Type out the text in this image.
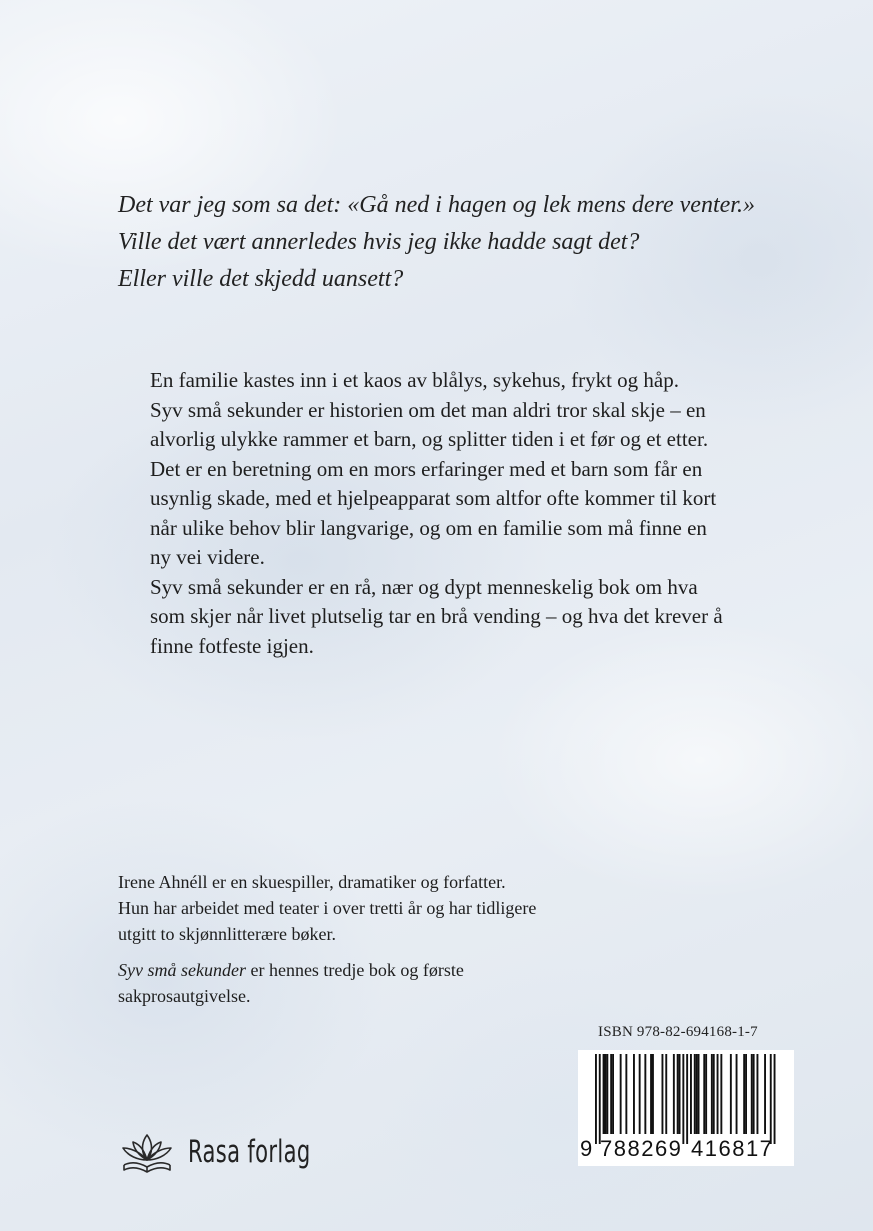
Det var jeg som sa det: «Gå ned i hagen og lek mens dere venter.»

Ville det vært annerledes hvis jeg ikke hadde sagt det?

Eller ville det skjedd uansett?

En familie kastes inn i et kaos av blålys, sykehus, frykt og håp.

Syv små sekunder er historien om det man aldri tror skal skje – en alvorlig ulykke rammer et barn, og splitter tiden i et før og et etter.

Det er en beretning om en mors erfaringer med et barn som får en usynlig skade, med et hjelpeapparat som altfor ofte kommer til kort når ulike behov blir langvarige, og om en familie som må finne en ny vei videre.

Syv små sekunder er en rå, nær og dypt menneskelig bok om hva som skjer når livet plutselig tar en brå vending – og hva det krever å finne fotfeste igjen.

Irene Ahnéll er en skuespiller, dramatiker og forfatter. Hun har arbeidet med teater i over tretti år og har tidligere utgitt to skjønnlitterære bøker.

Syv små sekunder er hennes tredje bok og første sakprosautgivelse.

ISBN 978-82-694168-1-7
9 788269 416817
Rasa forlag
